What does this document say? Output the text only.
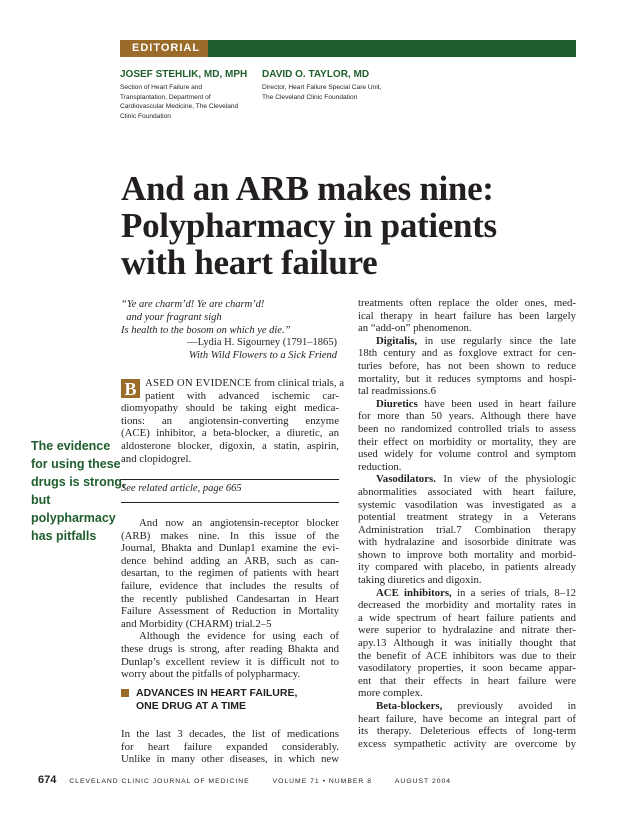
EDITORIAL
JOSEF STEHLIK, MD, MPH
Section of Heart Failure and
Transplantation, Department of
Cardiovascular Medicine, The Cleveland
Clinic Foundation
DAVID O. TAYLOR, MD
Director, Heart Failure Special Care Unit,
The Cleveland Clinic Foundation
And an ARB makes nine:
Polypharmacy in patients
with heart failure
“Ye are charm’d! Ye are charm’d!
and your fragrant sigh
Is health to the bosom on which ye die.”
—Lydia H. Sigourney (1791–1865)
With Wild Flowers to a Sick Friend
B ASED ON EVIDENCE from clinical trials, a
patient with advanced ischemic car-
diomyopathy should be taking eight medica-
tions: an angiotensin-converting enzyme
(ACE) inhibitor, a beta-blocker, a diuretic, an
aldosterone blocker, digoxin, a statin, aspirin,
and clopidogrel.
The evidence
for using these
drugs is strong,
but
polypharmacy
has pitfalls
See related article, page 665
And now an angiotensin-receptor blocker
(ARB) makes nine. In this issue of the
Journal, Bhakta and Dunlap1 examine the evi-
dence behind adding an ARB, such as can-
desartan, to the regimen of patients with heart
failure, evidence that includes the results of
the recently published Candesartan in Heart
Failure Assessment of Reduction in Mortality
and Morbidity (CHARM) trial.2–5
Although the evidence for using each of
these drugs is strong, after reading Bhakta and
Dunlap’s excellent review it is difficult not to
worry about the pitfalls of polypharmacy.
ADVANCES IN HEART FAILURE,
ONE DRUG AT A TIME
In the last 3 decades, the list of medications
for heart failure expanded considerably.
Unlike in many other diseases, in which new
treatments often replace the older ones, med-
ical therapy in heart failure has been largely
an “add-on” phenomenon.
Digitalis, in use regularly since the late
18th century and as foxglove extract for cen-
turies before, has not been shown to reduce
mortality, but it reduces symptoms and hospi-
tal readmissions.6
Diuretics have been used in heart failure
for more than 50 years. Although there have
been no randomized controlled trials to assess
their effect on morbidity or mortality, they are
used widely for volume control and symptom
reduction.
Vasodilators. In view of the physiologic
abnormalities associated with heart failure,
systemic vasodilation was investigated as a
potential treatment strategy in a Veterans
Administration trial.7 Combination therapy
with hydralazine and isosorbide dinitrate was
shown to improve both mortality and morbid-
ity compared with placebo, in patients already
taking diuretics and digoxin.
ACE inhibitors, in a series of trials, 8–12
decreased the morbidity and mortality rates in
a wide spectrum of heart failure patients and
were superior to hydralazine and nitrate ther-
apy.13 Although it was initially thought that
the benefit of ACE inhibitors was due to their
vasodilatory properties, it soon became appar-
ent that their effects in heart failure were
more complex.
Beta-blockers, previously avoided in
heart failure, have become an integral part of
its therapy. Deleterious effects of long-term
excess sympathetic activity are overcome by
674 CLEVELAND CLINIC JOURNAL OF MEDICINE	VOLUME 71 • NUMBER 8	AUGUST 2004
